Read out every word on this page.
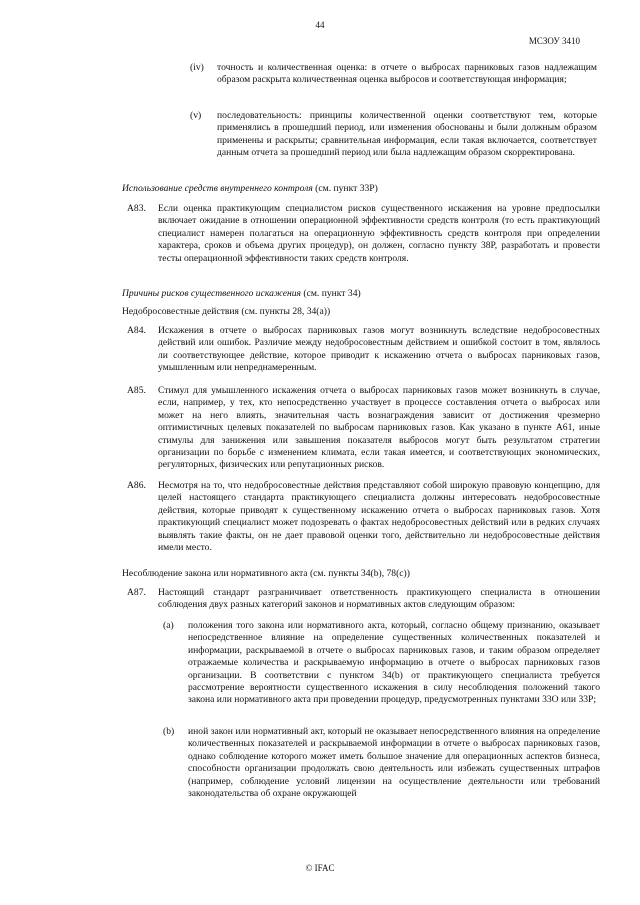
44
МСЗОУ 3410
(iv) точность и количественная оценка: в отчете о выбросах парниковых газов надлежащим образом раскрыта количественная оценка выбросов и соответствующая информация;
(v) последовательность: принципы количественной оценки соответствуют тем, которые применялись в прошедший период, или изменения обоснованы и были должным образом применены и раскрыты; сравнительная информация, если такая включается, соответствует данным отчета за прошедший период или была надлежащим образом скорректирована.
Использование средств внутреннего контроля (см. пункт 33P)
A83. Если оценка практикующим специалистом рисков существенного искажения на уровне предпосылки включает ожидание в отношении операционной эффективности средств контроля (то есть практикующий специалист намерен полагаться на операционную эффективность средств контроля при определении характера, сроков и объема других процедур), он должен, согласно пункту 38P, разработать и провести тесты операционной эффективности таких средств контроля.
Причины рисков существенного искажения (см. пункт 34)
Недобросовестные действия (см. пункты 28, 34(a))
A84. Искажения в отчете о выбросах парниковых газов могут возникнуть вследствие недобросовестных действий или ошибок. Различие между недобросовестным действием и ошибкой состоит в том, являлось ли соответствующее действие, которое приводит к искажению отчета о выбросах парниковых газов, умышленным или непреднамеренным.
A85. Стимул для умышленного искажения отчета о выбросах парниковых газов может возникнуть в случае, если, например, у тех, кто непосредственно участвует в процессе составления отчета о выбросах или может на него влиять, значительная часть вознаграждения зависит от достижения чрезмерно оптимистичных целевых показателей по выбросам парниковых газов. Как указано в пункте A61, иные стимулы для занижения или завышения показателя выбросов могут быть результатом стратегии организации по борьбе с изменением климата, если такая имеется, и соответствующих экономических, регуляторных, физических или репутационных рисков.
A86. Несмотря на то, что недобросовестные действия представляют собой широкую правовую концепцию, для целей настоящего стандарта практикующего специалиста должны интересовать недобросовестные действия, которые приводят к существенному искажению отчета о выбросах парниковых газов. Хотя практикующий специалист может подозревать о фактах недобросовестных действий или в редких случаях выявлять такие факты, он не дает правовой оценки того, действительно ли недобросовестные действия имели место.
Несоблюдение закона или нормативного акта (см. пункты 34(b), 78(c))
A87. Настоящий стандарт разграничивает ответственность практикующего специалиста в отношении соблюдения двух разных категорий законов и нормативных актов следующим образом:
(a) положения того закона или нормативного акта, который, согласно общему признанию, оказывает непосредственное влияние на определение существенных количественных показателей и информации, раскрываемой в отчете о выбросах парниковых газов, и таким образом определяет отражаемые количества и раскрываемую информацию в отчете о выбросах парниковых газов организации. В соответствии с пунктом 34(b) от практикующего специалиста требуется рассмотрение вероятности существенного искажения в силу несоблюдения положений такого закона или нормативного акта при проведении процедур, предусмотренных пунктами 33O или 33P;
(b) иной закон или нормативный акт, который не оказывает непосредственного влияния на определение количественных показателей и раскрываемой информации в отчете о выбросах парниковых газов, однако соблюдение которого может иметь большое значение для операционных аспектов бизнеса, способности организации продолжать свою деятельность или избежать существенных штрафов (например, соблюдение условий лицензии на осуществление деятельности или требований законодательства об охране окружающей
© IFAC
